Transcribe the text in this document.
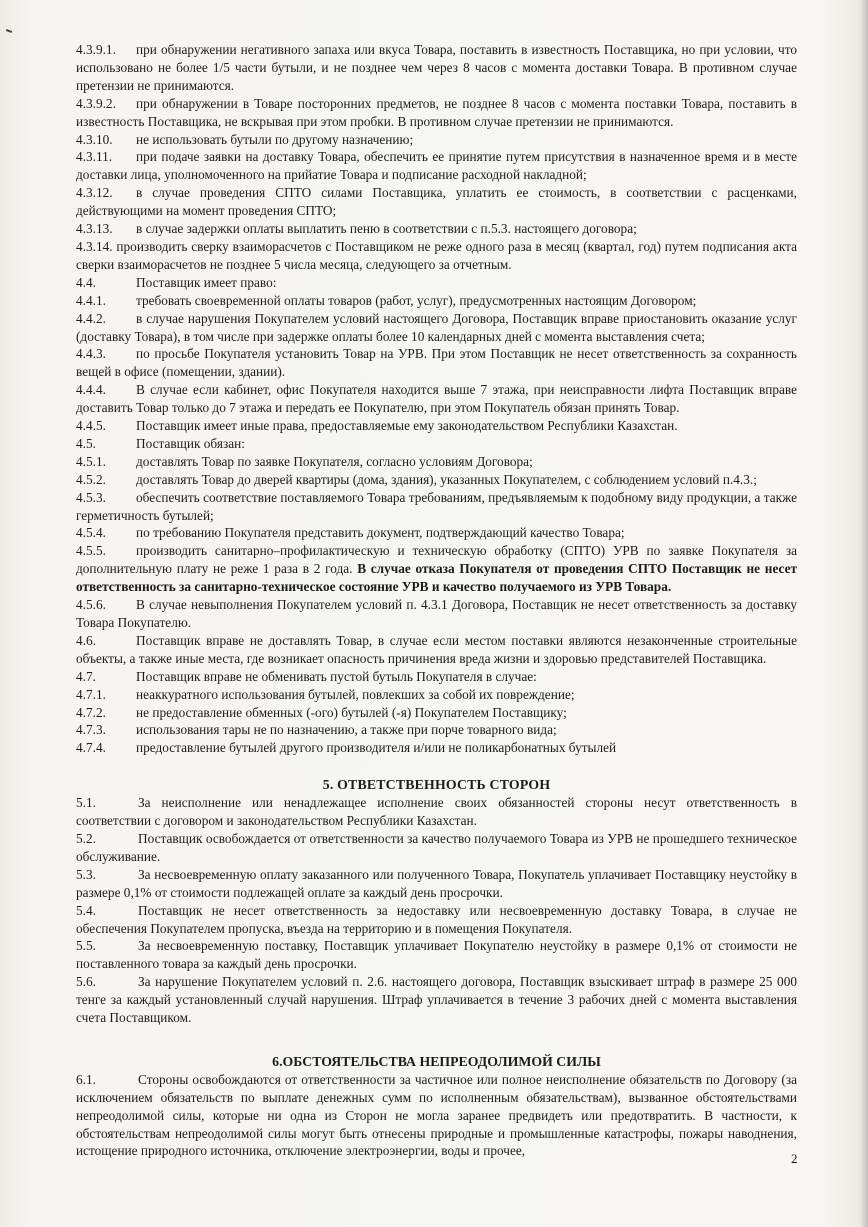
4.3.9.1. при обнаружении негативного запаха или вкуса Товара, поставить в известность Поставщика, но при условии, что использовано не более 1/5 части бутыли, и не позднее чем через 8 часов с момента доставки Товара. В противном случае претензии не принимаются.

4.3.9.2. при обнаружении в Товаре посторонних предметов, не позднее 8 часов с момента поставки Товара, поставить в известность Поставщика, не вскрывая при этом пробки. В противном случае претензии не принимаются.

4.3.10. не использовать бутыли по другому назначению;

4.3.11. при подаче заявки на доставку Товара, обеспечить ее принятие путем присутствия в назначенное время и в месте доставки лица, уполномоченного на прийатие Товара и подписание расходной накладной;

4.3.12. в случае проведения СПТО силами Поставщика, уплатить ее стоимость, в соответствии с расценками, действующими на момент проведения СПТО;

4.3.13. в случае задержки оплаты выплатить пеню в соответствии с п.5.3. настоящего договора;

4.3.14. производить сверку взаиморасчетов с Поставщиком не реже одного раза в месяц (квартал, год) путем подписания акта сверки взаиморасчетов не позднее 5 числа месяца, следующего за отчетным.

4.4.	Поставщик имеет право:

4.4.1. требовать своевременной оплаты товаров (работ, услуг), предусмотренных настоящим Договором;

4.4.2. в случае нарушения Покупателем условий настоящего Договора, Поставщик вправе приостановить оказание услуг (доставку Товара), в том числе при задержке оплаты более 10 календарных дней с момента выставления счета;

4.4.3. по просьбе Покупателя установить Товар на УРВ. При этом Поставщик не несет ответственность за сохранность вещей в офисе (помещении, здании).

4.4.4. В случае если кабинет, офис Покупателя находится выше 7 этажа, при неисправности лифта Поставщик вправе доставить Товар только до 7 этажа и передать ее Покупателю, при этом Покупатель обязан принять Товар.

4.4.5. Поставщик имеет иные права, предоставляемые ему законодательством Республики Казахстан.

4.5.	Поставщик обязан:

4.5.1. доставлять Товар по заявке Покупателя, согласно условиям Договора;

4.5.2. доставлять Товар до дверей квартиры (дома, здания), указанных Покупателем, с соблюдением условий п.4.3.;

4.5.3. обеспечить соответствие поставляемого Товара требованиям, предъявляемым к подобному виду продукции, а также герметичность бутылей;

4.5.4. по требованию Покупателя представить документ, подтверждающий качество Товара;

4.5.5. производить санитарно–профилактическую и техническую обработку (СПТО) УРВ по заявке Покупателя за дополнительную плату не реже 1 раза в 2 года. В случае отказа Покупателя от проведения СПТО Поставщик не несет ответственность за санитарно-техническое состояние УРВ и качество получаемого из УРВ Товара.

4.5.6. В случае невыполнения Покупателем условий п. 4.3.1 Договора, Поставщик не несет ответственность за доставку Товара Покупателю.

4.6.	Поставщик вправе не доставлять Товар, в случае если местом поставки являются незаконченные строительные объекты, а также иные места, где возникает опасность причинения вреда жизни и здоровью представителей Поставщика.

4.7.	Поставщик вправе не обменивать пустой бутыль Покупателя в случае:

4.7.1. неаккуратного использования бутылей, повлекших за собой их повреждение;

4.7.2. не предоставление обменных (-ого) бутылей (-я) Покупателем Поставщику;

4.7.3. использования тары не по назначению, а также при порче товарного вида;

4.7.4. предоставление бутылей другого производителя и/или не поликарбонатных бутылей

5. ОТВЕТСТВЕННОСТЬ СТОРОН

5.1.	За неисполнение или ненадлежащее исполнение своих обязанностей стороны несут ответственность в соответствии с договором и законодательством Республики Казахстан.

5.2.	Поставщик освобождается от ответственности за качество получаемого Товара из УРВ не прошедшего техническое обслуживание.

5.3.	За несвоевременную оплату заказанного или полученного Товара, Покупатель уплачивает Поставщику неустойку в размере 0,1% от стоимости подлежащей оплате за каждый день просрочки.

5.4.	Поставщик не несет ответственность за недоставку или несвоевременную доставку Товара, в случае не обеспечения Покупателем пропуска, въезда на территорию и в помещения Покупателя.

5.5.	За несвоевременную поставку, Поставщик уплачивает Покупателю неустойку в размере 0,1% от стоимости не поставленного товара за каждый день просрочки.

5.6.	За нарушение Покупателем условий п. 2.6. настоящего договора, Поставщик взыскивает штраф в размере 25 000 тенге за каждый установленный случай нарушения. Штраф уплачивается в течение 3 рабочих дней с момента выставления счета Поставщиком.

6.ОБСТОЯТЕЛЬСТВА НЕПРЕОДОЛИМОЙ СИЛЫ

6.1.	Стороны освобождаются от ответственности за частичное или полное неисполнение обязательств по Договору (за исключением обязательств по выплате денежных сумм по исполненным обязательствам), вызванное обстоятельствами непреодолимой силы, которые ни одна из Сторон не могла заранее предвидеть или предотвратить. В частности, к обстоятельствам непреодолимой силы могут быть отнесены природные и промышленные катастрофы, пожары наводнения, истощение природного источника, отключение электроэнергии, воды и прочее,

2
